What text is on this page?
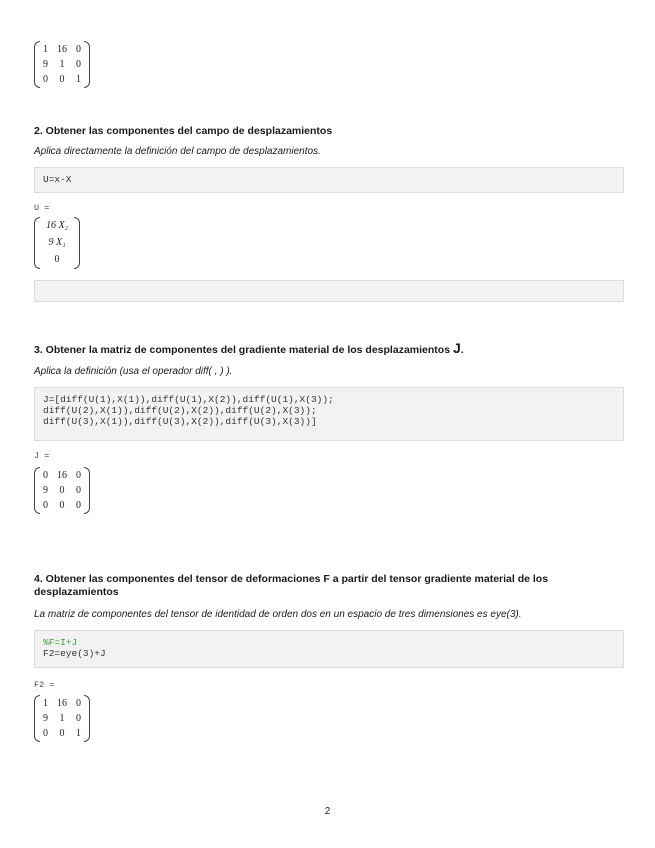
1 16 0
9 1 0
0 0 1
2. Obtener las componentes del campo de desplazamientos

Aplica directamente la definición del campo de desplazamientos.

U=x-X
U =
16 X₂
9 X₁
0
3. Obtener la matriz de componentes del gradiente material de los desplazamientos J.

Aplica la definición (usa el operador diff( , ) ).

J=[diff(U(1),X(1)),diff(U(1),X(2)),diff(U(1),X(3));
diff(U(2),X(1)),diff(U(2),X(2)),diff(U(2),X(3));
diff(U(3),X(1)),diff(U(3),X(2)),diff(U(3),X(3))]
J =
0 16 0
9 0 0
0 0 0
4. Obtener las componentes del tensor de deformaciones F a partir del tensor gradiente material de los
desplazamientos

La matriz de componentes del tensor de identidad de orden dos en un espacio de tres dimensiones es eye(3).

%F=I+J
F2=eye(3)+J
F2 =
1 16 0
9 1 0
0 0 1
2
